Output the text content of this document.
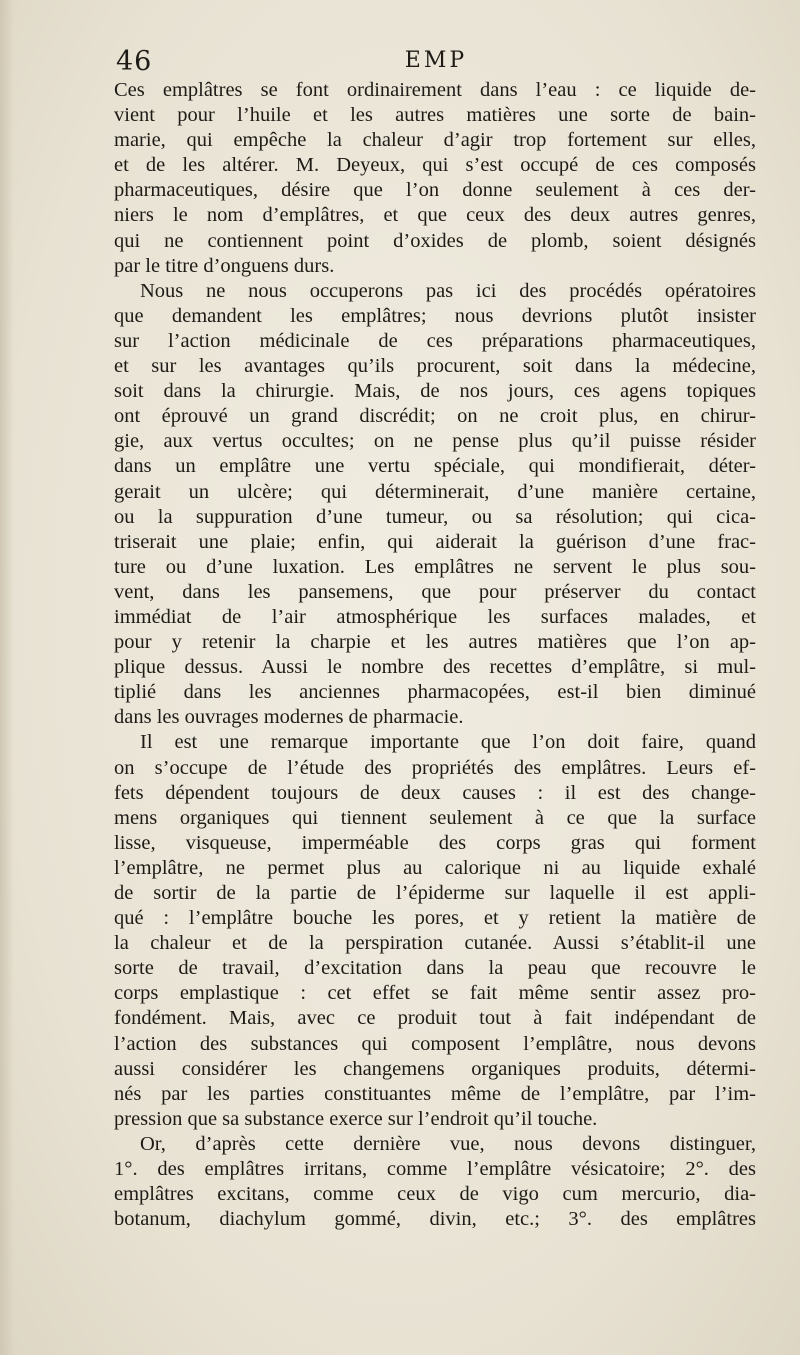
46	EMP

Ces emplâtres se font ordinairement dans l’eau : ce liquide de-

vient pour l’huile et les autres matières une sorte de bain-

marie, qui empêche la chaleur d’agir trop fortement sur elles,

et de les altérer. M. Deyeux, qui s’est occupé de ces composés

pharmaceutiques, désire que l’on donne seulement à ces der-

niers le nom d’emplâtres, et que ceux des deux autres genres,

qui ne contiennent point d’oxides de plomb, soient désignés

par le titre d’onguens durs.

Nous ne nous occuperons pas ici des procédés opératoires

que demandent les emplâtres; nous devrions plutôt insister

sur l’action médicinale de ces préparations pharmaceutiques,

et sur les avantages qu’ils procurent, soit dans la médecine,

soit dans la chirurgie. Mais, de nos jours, ces agens topiques

ont éprouvé un grand discrédit; on ne croit plus, en chirur-

gie, aux vertus occultes; on ne pense plus qu’il puisse résider

dans un emplâtre une vertu spéciale, qui mondifierait, déter-

gerait un ulcère; qui déterminerait, d’une manière certaine,

ou la suppuration d’une tumeur, ou sa résolution; qui cica-

triserait une plaie; enfin, qui aiderait la guérison d’une frac-

ture ou d’une luxation. Les emplâtres ne servent le plus sou-

vent, dans les pansemens, que pour préserver du contact

immédiat de l’air atmosphérique les surfaces malades, et

pour y retenir la charpie et les autres matières que l’on ap-

plique dessus. Aussi le nombre des recettes d’emplâtre, si mul-

tiplié dans les anciennes pharmacopées, est-il bien diminué

dans les ouvrages modernes de pharmacie.

Il est une remarque importante que l’on doit faire, quand

on s’occupe de l’étude des propriétés des emplâtres. Leurs ef-

fets dépendent toujours de deux causes : il est des change-

mens organiques qui tiennent seulement à ce que la surface

lisse, visqueuse, imperméable des corps gras qui forment

l’emplâtre, ne permet plus au calorique ni au liquide exhalé

de sortir de la partie de l’épiderme sur laquelle il est appli-

qué : l’emplâtre bouche les pores, et y retient la matière de

la chaleur et de la perspiration cutanée. Aussi s’établit-il une

sorte de travail, d’excitation dans la peau que recouvre le

corps emplastique : cet effet se fait même sentir assez pro-

fondément. Mais, avec ce produit tout à fait indépendant de

l’action des substances qui composent l’emplâtre, nous devons

aussi considérer les changemens organiques produits, détermi-

nés par les parties constituantes même de l’emplâtre, par l’im-

pression que sa substance exerce sur l’endroit qu’il touche.

Or, d’après cette dernière vue, nous devons distinguer,

1°. des emplâtres irritans, comme l’emplâtre vésicatoire; 2°. des

emplâtres excitans, comme ceux de vigo cum mercurio, dia-

botanum, diachylum gommé, divin, etc.; 3°. des emplâtres
